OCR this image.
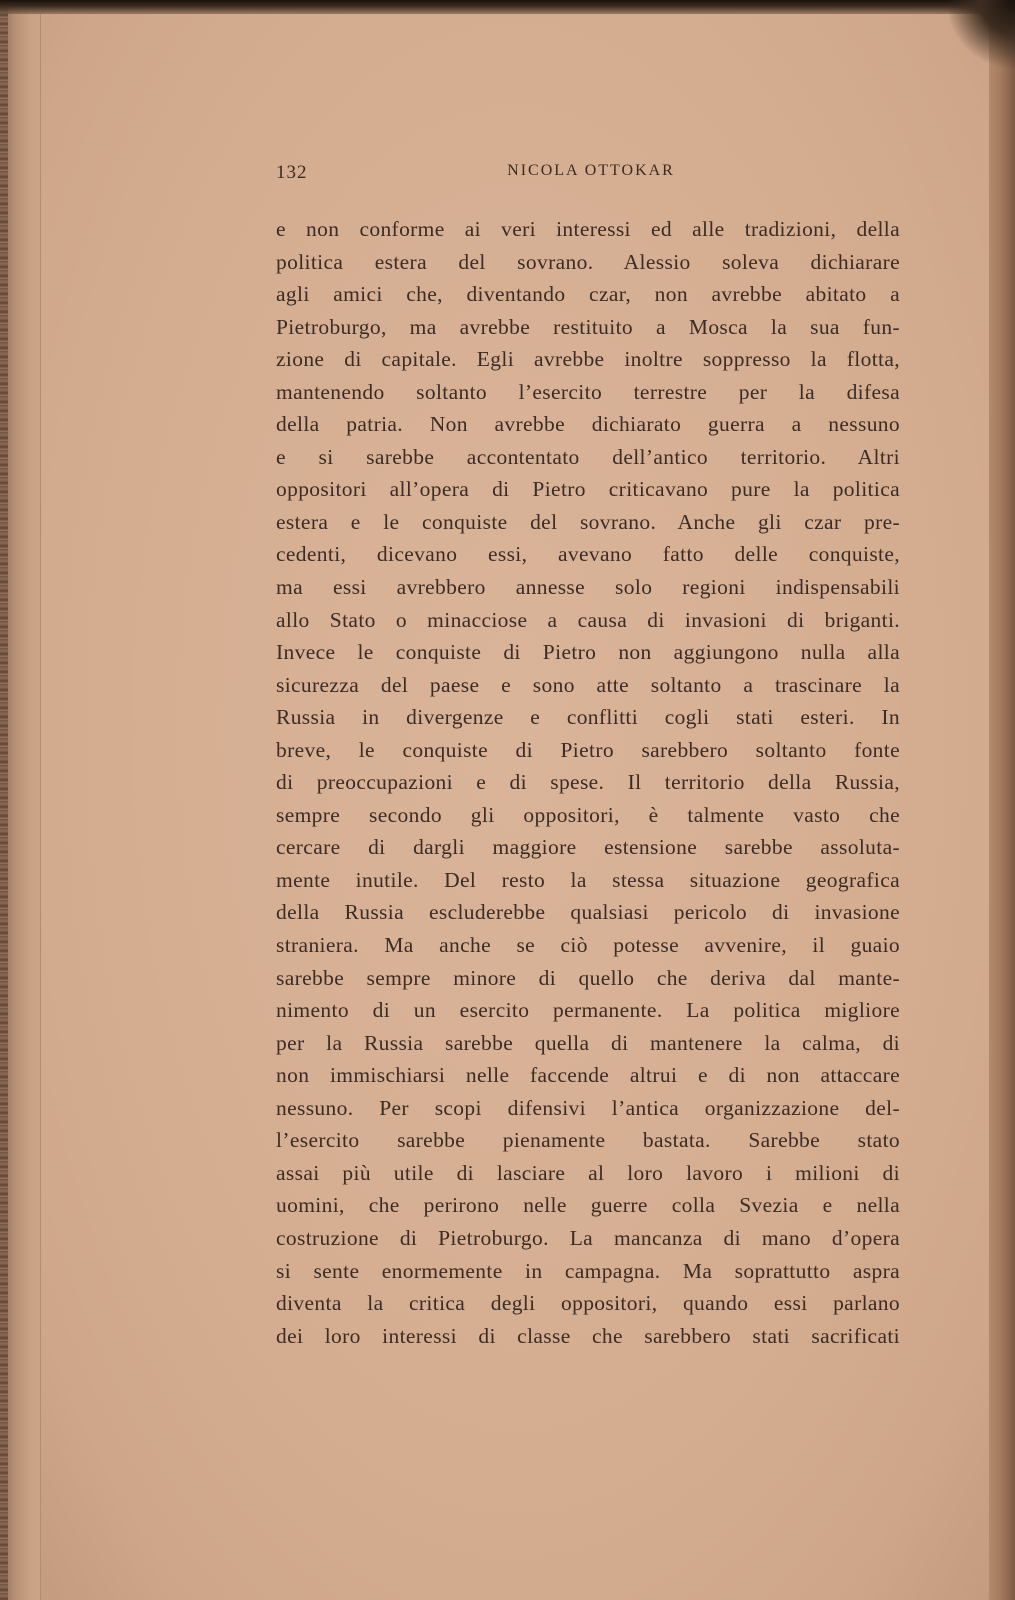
132	NICOLA OTTOKAR
e non conforme ai veri interessi ed alle tradizioni, della
politica estera del sovrano. Alessio soleva dichiarare
agli amici che, diventando czar, non avrebbe abitato a
Pietroburgo, ma avrebbe restituito a Mosca la sua fun-
zione di capitale. Egli avrebbe inoltre soppresso la flotta,
mantenendo soltanto l’esercito terrestre per la difesa
della patria. Non avrebbe dichiarato guerra a nessuno
e si sarebbe accontentato dell’antico territorio. Altri
oppositori all’opera di Pietro criticavano pure la politica
estera e le conquiste del sovrano. Anche gli czar pre-
cedenti, dicevano essi, avevano fatto delle conquiste,
ma essi avrebbero annesse solo regioni indispensabili
allo Stato o minacciose a causa di invasioni di briganti.
Invece le conquiste di Pietro non aggiungono nulla alla
sicurezza del paese e sono atte soltanto a trascinare la
Russia in divergenze e conflitti cogli stati esteri. In
breve, le conquiste di Pietro sarebbero soltanto fonte
di preoccupazioni e di spese. Il territorio della Russia,
sempre secondo gli oppositori, è talmente vasto che
cercare di dargli maggiore estensione sarebbe assoluta-
mente inutile. Del resto la stessa situazione geografica
della Russia escluderebbe qualsiasi pericolo di invasione
straniera. Ma anche se ciò potesse avvenire, il guaio
sarebbe sempre minore di quello che deriva dal mante-
nimento di un esercito permanente. La politica migliore
per la Russia sarebbe quella di mantenere la calma, di
non immischiarsi nelle faccende altrui e di non attaccare
nessuno. Per scopi difensivi l’antica organizzazione del-
l’esercito sarebbe pienamente bastata. Sarebbe stato
assai più utile di lasciare al loro lavoro i milioni di
uomini, che perirono nelle guerre colla Svezia e nella
costruzione di Pietroburgo. La mancanza di mano d’opera
si sente enormemente in campagna. Ma soprattutto aspra
diventa la critica degli oppositori, quando essi parlano
dei loro interessi di classe che sarebbero stati sacrificati
